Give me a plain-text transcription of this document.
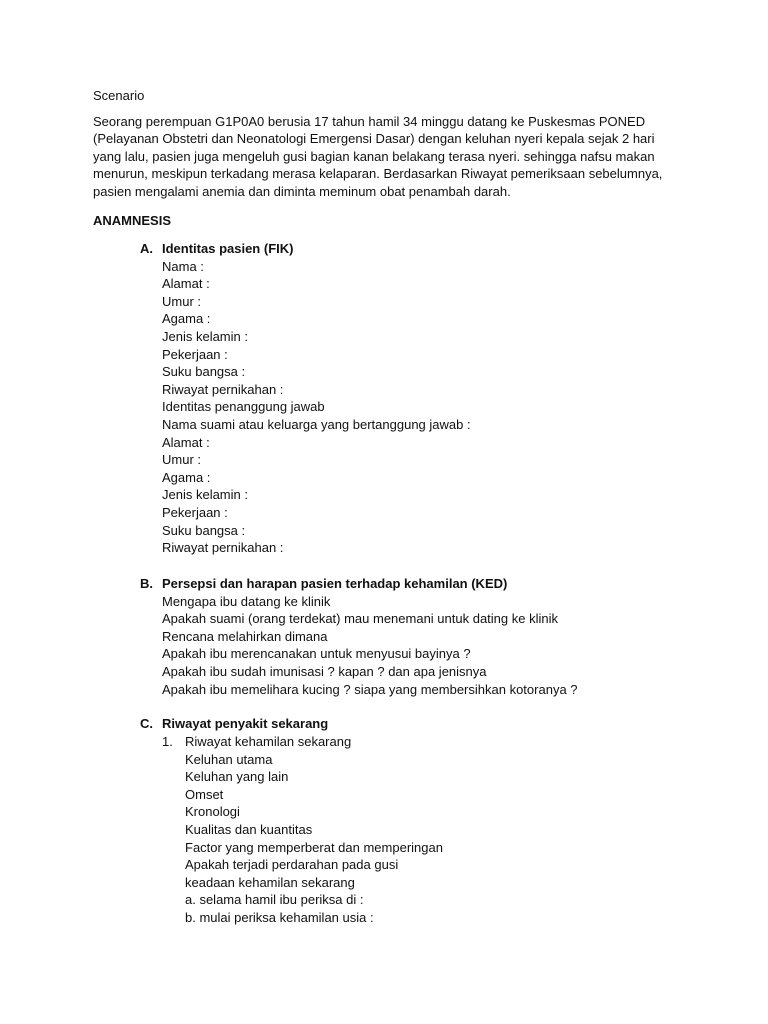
Scenario
Seorang perempuan G1P0A0 berusia 17 tahun hamil 34 minggu datang ke Puskesmas PONED
(Pelayanan Obstetri dan Neonatologi Emergensi Dasar) dengan keluhan nyeri kepala sejak 2 hari
yang lalu, pasien juga mengeluh gusi bagian kanan belakang terasa nyeri. sehingga nafsu makan
menurun, meskipun terkadang merasa kelaparan. Berdasarkan Riwayat pemeriksaan sebelumnya,
pasien mengalami anemia dan diminta meminum obat penambah darah.
ANAMNESIS
A. Identitas pasien (FIK)
Nama :
Alamat :
Umur :
Agama :
Jenis kelamin :
Pekerjaan :
Suku bangsa :
Riwayat pernikahan :
Identitas penanggung jawab
Nama suami atau keluarga yang bertanggung jawab :
Alamat :
Umur :
Agama :
Jenis kelamin :
Pekerjaan :
Suku bangsa :
Riwayat pernikahan :
B. Persepsi dan harapan pasien terhadap kehamilan (KED)
Mengapa ibu datang ke klinik
Apakah suami (orang terdekat) mau menemani untuk dating ke klinik
Rencana melahirkan dimana
Apakah ibu merencanakan untuk menyusui bayinya ?
Apakah ibu sudah imunisasi ? kapan ? dan apa jenisnya
Apakah ibu memelihara kucing ? siapa yang membersihkan kotoranya ?
C. Riwayat penyakit sekarang
1. Riwayat kehamilan sekarang
Keluhan utama
Keluhan yang lain
Omset
Kronologi
Kualitas dan kuantitas
Factor yang memperberat dan memperingan
Apakah terjadi perdarahan pada gusi
keadaan kehamilan sekarang
a. selama hamil ibu periksa di :
b. mulai periksa kehamilan usia :
